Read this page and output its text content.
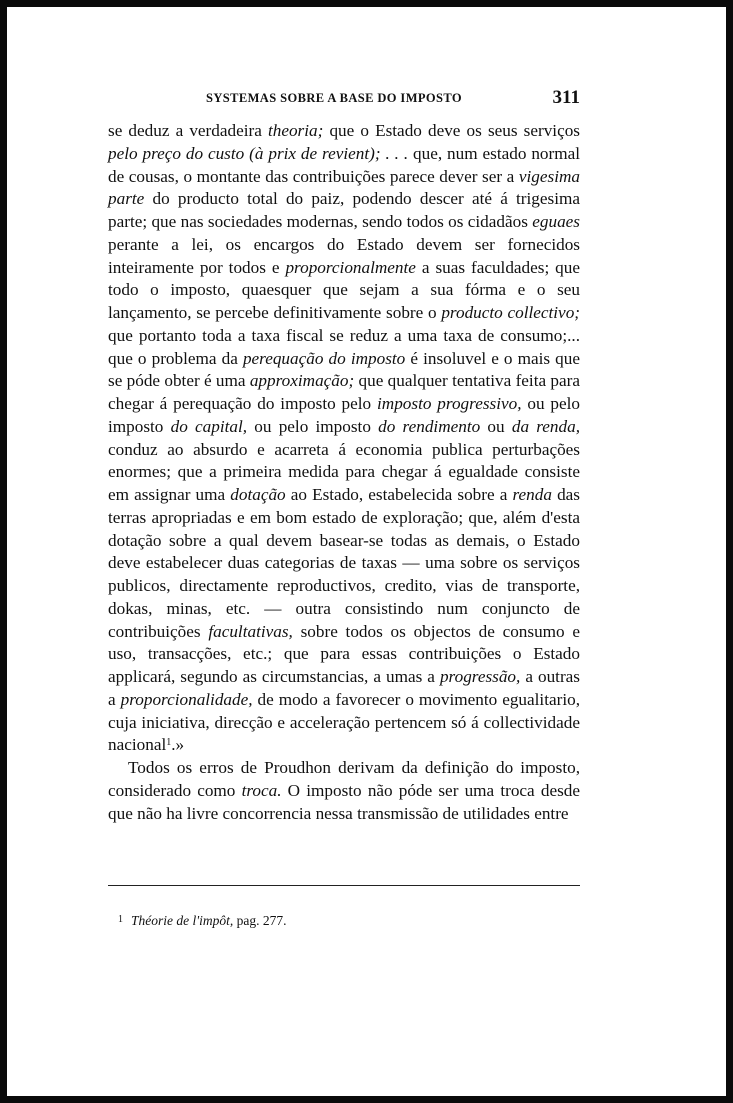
SYSTEMAS SOBRE A BASE DO IMPOSTO	311

se deduz a verdadeira theoria; que o Estado deve os seus serviços pelo preço do custo (à prix de revient); . . . que, num estado normal de cousas, o montante das contribuições parece dever ser a vigesima parte do producto total do paiz, podendo descer até á trigesima parte; que nas sociedades modernas, sendo todos os cidadãos eguaes perante a lei, os encargos do Estado devem ser fornecidos inteiramente por todos e proporcionalmente a suas faculdades; que todo o imposto, quaesquer que sejam a sua fórma e o seu lançamento, se percebe definitivamente sobre o producto collectivo; que portanto toda a taxa fiscal se reduz a uma taxa de consumo;... que o problema da perequação do imposto é insoluvel e o mais que se póde obter é uma approximação; que qualquer tentativa feita para chegar á perequação do imposto pelo imposto progressivo, ou pelo imposto do capital, ou pelo imposto do rendimento ou da renda, conduz ao absurdo e acarreta á economia publica perturbações enormes; que a primeira medida para chegar á egualdade consiste em assignar uma dotação ao Estado, estabelecida sobre a renda das terras apropriadas e em bom estado de exploração; que, além d'esta dotação sobre a qual devem basear-se todas as demais, o Estado deve estabelecer duas categorias de taxas — uma sobre os serviços publicos, directamente reproductivos, credito, vias de transporte, dokas, minas, etc. — outra consistindo num conjuncto de contribuições facultativas, sobre todos os objectos de consumo e uso, transacções, etc.; que para essas contribuições o Estado applicará, segundo as circumstancias, a umas a progressão, a outras a proporcionalidade, de modo a favorecer o movimento egualitario, cuja iniciativa, direcção e acceleração pertencem só á collectividade nacional$^1$.»

Todos os erros de Proudhon derivam da definição do imposto, considerado como troca. O imposto não póde ser uma troca desde que não ha livre concorrencia nessa transmissão de utilidades entre

$^1$ Théorie de l'impôt, pag. 277.
